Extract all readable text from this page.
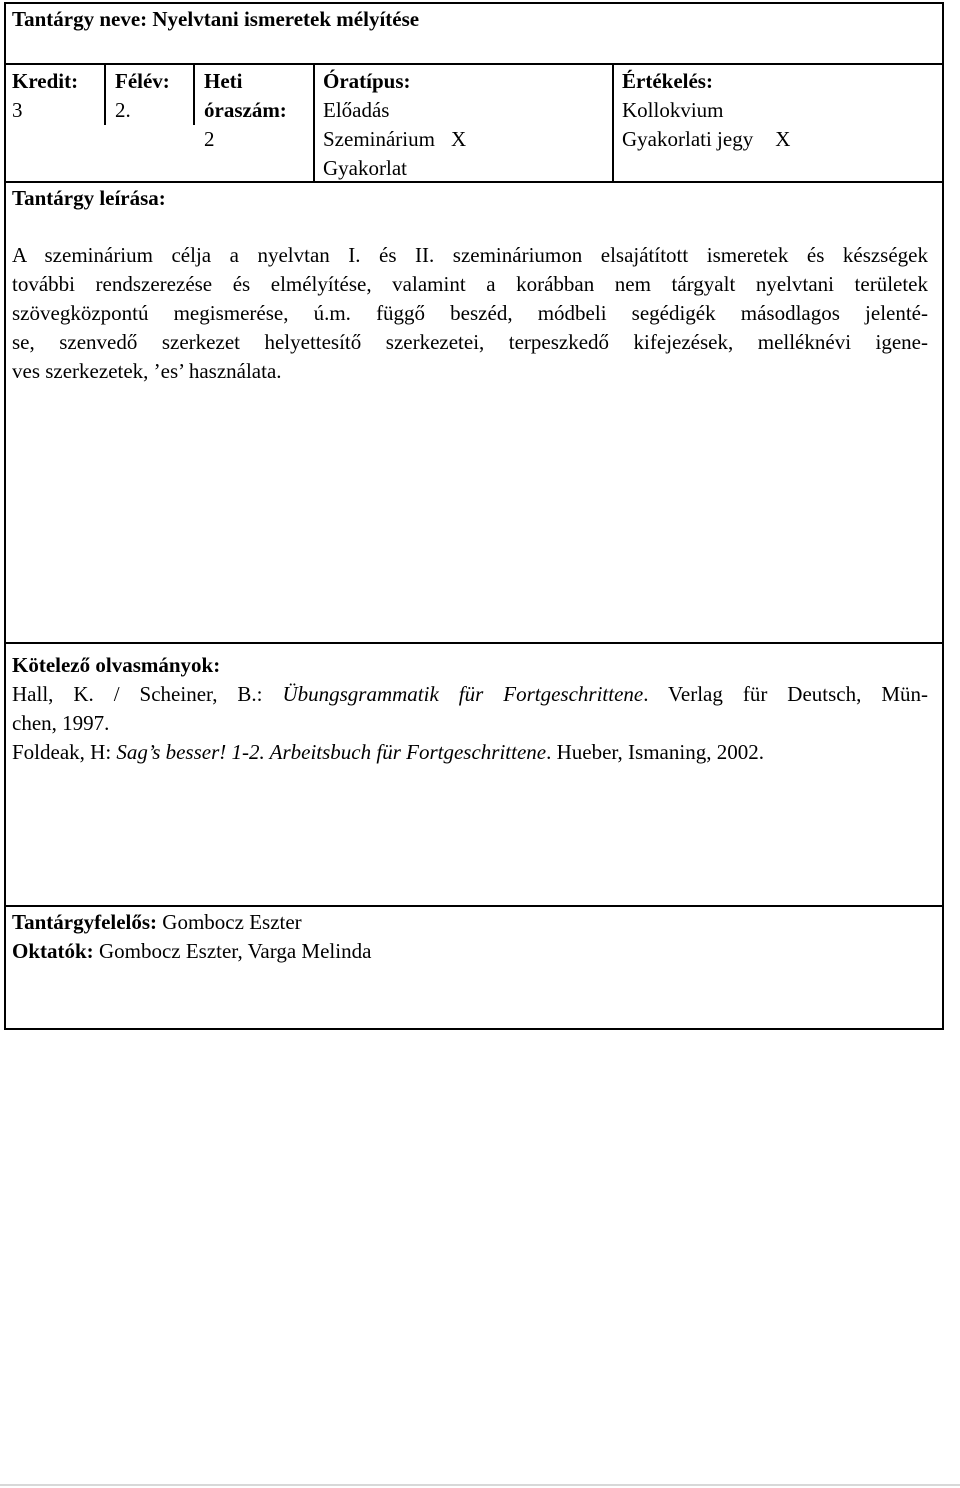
Tantárgy neve: Nyelvtani ismeretek mélyítése
Kredit:
3
Félév:
2.
Heti
óraszám:
2
Óratípus:
Előadás
Szeminárium X
Gyakorlat
Értékelés:
Kollokvium
Gyakorlati jegy X
Tantárgy leírása:
A szeminárium célja a nyelvtan I. és II. szemináriumon elsajátított ismeretek és készségek
további rendszerezése és elmélyítése, valamint a korábban nem tárgyalt nyelvtani területek
szövegközpontú megismerése, ú.m. függő beszéd, módbeli segédigék másodlagos jelenté-
se, szenvedő szerkezet helyettesítő szerkezetei, terpeszkedő kifejezések, melléknévi igene-
ves szerkezetek, ’es’ használata.
Kötelező olvasmányok:
Hall, K. / Scheiner, B.: Übungsgrammatik für Fortgeschrittene. Verlag für Deutsch, Mün-
chen, 1997.
Foldeak, H: Sag’s besser! 1-2. Arbeitsbuch für Fortgeschrittene. Hueber, Ismaning, 2002.
Tantárgyfelelős: Gombocz Eszter
Oktatók: Gombocz Eszter, Varga Melinda
